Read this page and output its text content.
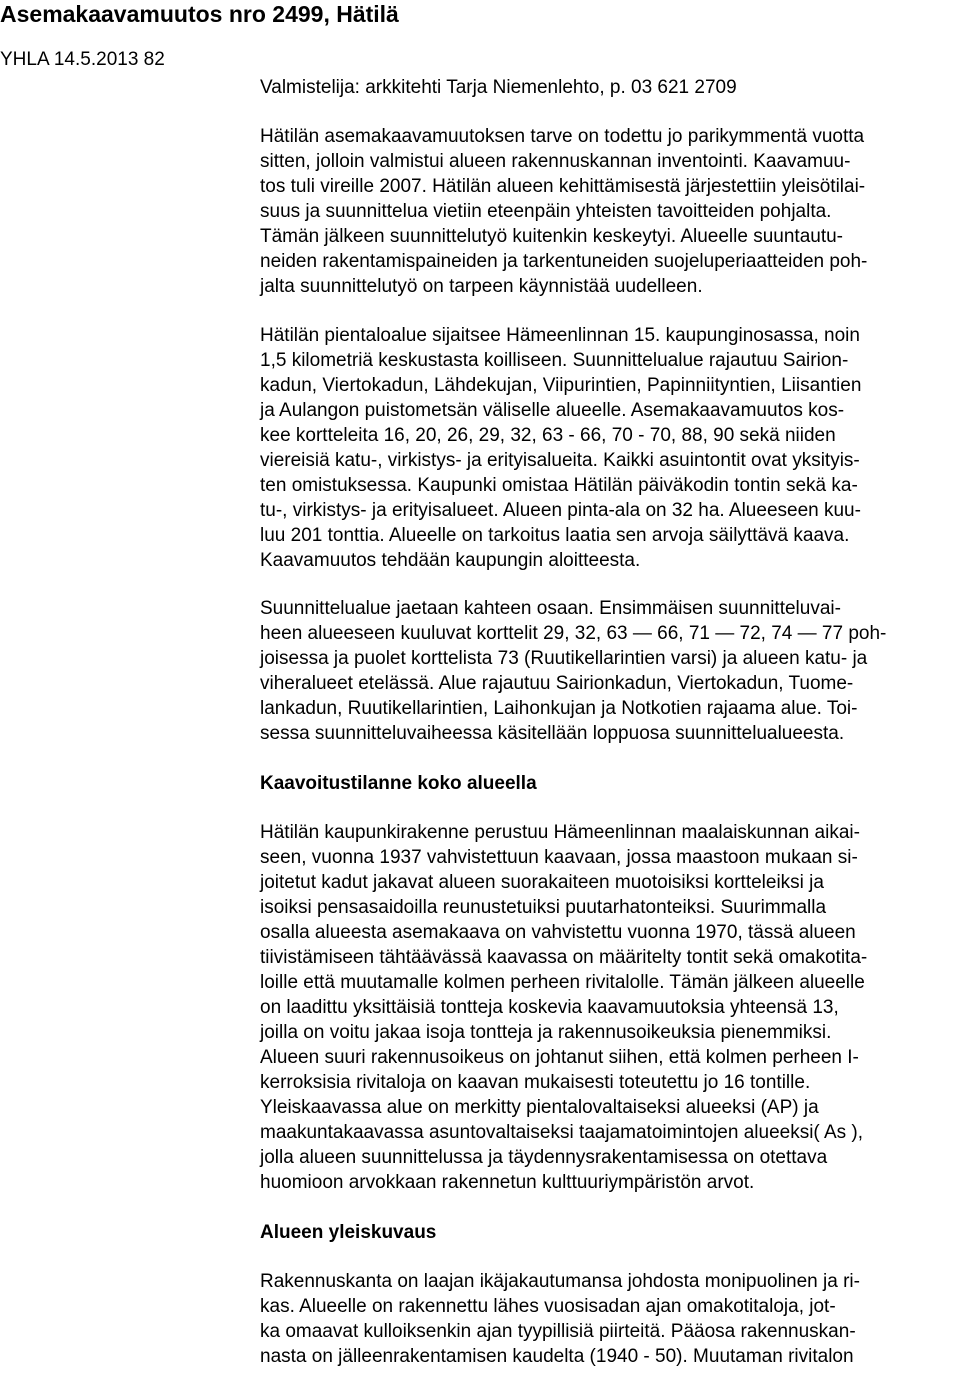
Asemakaavamuutos nro 2499, Hätilä
YHLA 14.5.2013 82
Valmistelija: arkkitehti Tarja Niemenlehto, p. 03 621 2709
Hätilän asemakaavamuutoksen tarve on todettu jo parikymmentä vuotta
sitten, jolloin valmistui alueen rakennuskannan inventointi. Kaavamuu-
tos tuli vireille 2007. Hätilän alueen kehittämisestä järjestettiin yleisötilai-
suus ja suunnittelua vietiin eteenpäin yhteisten tavoitteiden pohjalta.
Tämän jälkeen suunnittelutyö kuitenkin keskeytyi. Alueelle suuntautu-
neiden rakentamispaineiden ja tarkentuneiden suojeluperiaatteiden poh-
jalta suunnittelutyö on tarpeen käynnistää uudelleen.
Hätilän pientaloalue sijaitsee Hämeenlinnan 15. kaupunginosassa, noin
1,5 kilometriä keskustasta koilliseen. Suunnittelualue rajautuu Sairion-
kadun, Viertokadun, Lähdekujan, Viipurintien, Papinniityntien, Liisantien
ja Aulangon puistometsän väliselle alueelle. Asemakaavamuutos kos-
kee kortteleita 16, 20, 26, 29, 32, 63 - 66, 70 - 70, 88, 90 sekä niiden
viereisiä katu-, virkistys- ja erityisalueita. Kaikki asuintontit ovat yksityis-
ten omistuksessa. Kaupunki omistaa Hätilän päiväkodin tontin sekä ka-
tu-, virkistys- ja erityisalueet. Alueen pinta-ala on 32 ha. Alueeseen kuu-
luu 201 tonttia. Alueelle on tarkoitus laatia sen arvoja säilyttävä kaava.
Kaavamuutos tehdään kaupungin aloitteesta.
Suunnittelualue jaetaan kahteen osaan. Ensimmäisen suunnitteluvai-
heen alueeseen kuuluvat korttelit 29, 32, 63 — 66, 71 — 72, 74 — 77 poh-
joisessa ja puolet korttelista 73 (Ruutikellarintien varsi) ja alueen katu- ja
viheralueet etelässä. Alue rajautuu Sairionkadun, Viertokadun, Tuome-
lankadun, Ruutikellarintien, Laihonkujan ja Notkotien rajaama alue. Toi-
sessa suunnitteluvaiheessa käsitellään loppuosa suunnittelualueesta.
Kaavoitustilanne koko alueella
Hätilän kaupunkirakenne perustuu Hämeenlinnan maalaiskunnan aikai-
seen, vuonna 1937 vahvistettuun kaavaan, jossa maastoon mukaan si-
joitetut kadut jakavat alueen suorakaiteen muotoisiksi kortteleiksi ja
isoiksi pensasaidoilla reunustetuiksi puutarhatonteiksi. Suurimmalla
osalla alueesta asemakaava on vahvistettu vuonna 1970, tässä alueen
tiivistämiseen tähtäävässä kaavassa on määritelty tontit sekä omakotita-
loille että muutamalle kolmen perheen rivitalolle. Tämän jälkeen alueelle
on laadittu yksittäisiä tontteja koskevia kaavamuutoksia yhteensä 13,
joilla on voitu jakaa isoja tontteja ja rakennusoikeuksia pienemmiksi.
Alueen suuri rakennusoikeus on johtanut siihen, että kolmen perheen I-
kerroksisia rivitaloja on kaavan mukaisesti toteutettu jo 16 tontille.
Yleiskaavassa alue on merkitty pientalovaltaiseksi alueeksi (AP) ja
maakuntakaavassa asuntovaltaiseksi taajamatoimintojen alueeksi( As ),
jolla alueen suunnittelussa ja täydennysrakentamisessa on otettava
huomioon arvokkaan rakennetun kulttuuriympäristön arvot.
Alueen yleiskuvaus
Rakennuskanta on laajan ikäjakautumansa johdosta monipuolinen ja ri-
kas. Alueelle on rakennettu lähes vuosisadan ajan omakotitaloja, jot-
ka omaavat kulloiksenkin ajan tyypillisiä piirteitä. Pääosa rakennuskan-
nasta on jälleenrakentamisen kaudelta (1940 - 50). Muutaman rivitalon
